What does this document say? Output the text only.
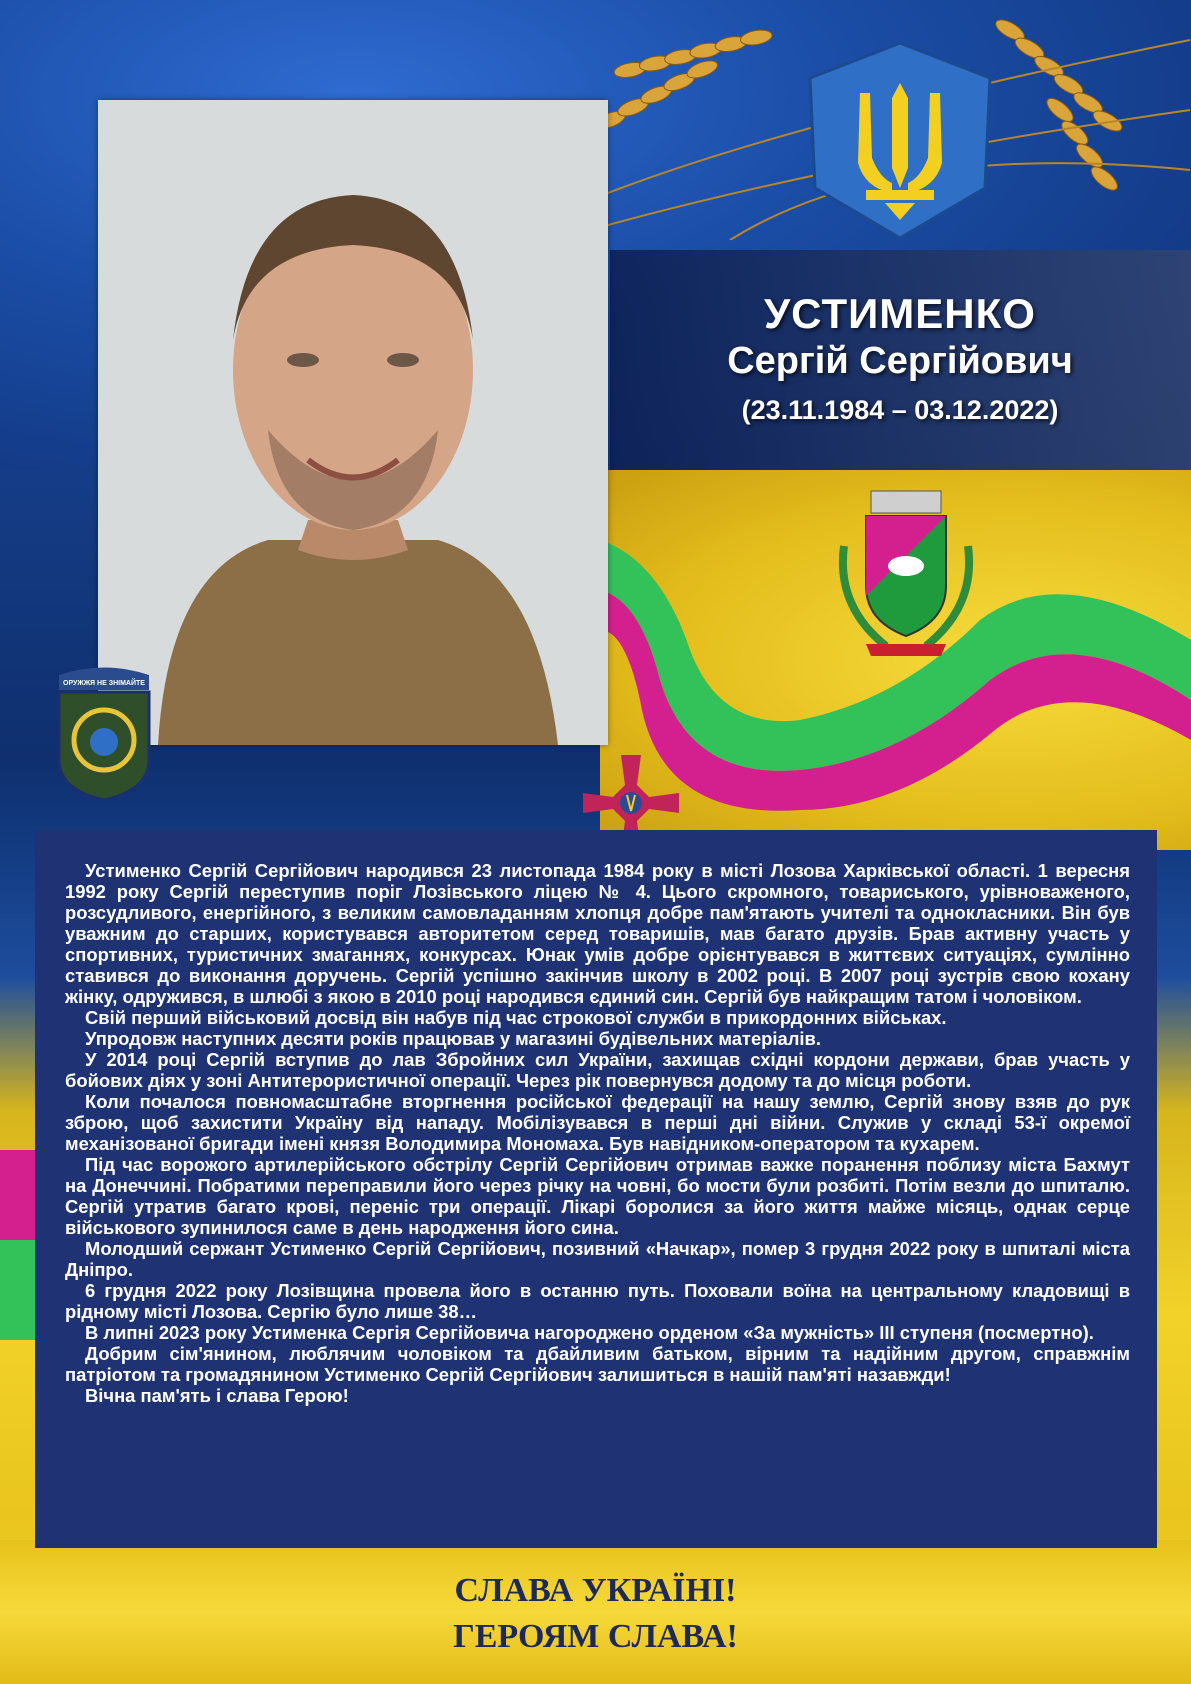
УСТИМЕНКО
Сергій Сергійович
(23.11.1984 – 03.12.2022)
ОРУЖЖЯ НЕ ЗНІМАЙТЕ

Устименко Сергій Сергійович народився 23 листопада 1984 року в місті Лозова Харківської області. 1 вересня 1992 року Сергій переступив поріг Лозівського ліцею № 4. Цього скромного, товариського, урівноваженого, розсудливого, енергійного, з великим самовладанням хлопця добре пам'ятають учителі та однокласники. Він був уважним до старших, користувався авторитетом серед товаришів, мав багато друзів. Брав активну участь у спортивних, туристичних змаганнях, конкурсах. Юнак умів добре орієнтувався в життєвих ситуаціях, сумлінно ставився до виконання доручень. Сергій успішно закінчив школу в 2002 році. В 2007 році зустрів свою кохану жінку, одружився, в шлюбі з якою в 2010 році народився єдиний син. Сергій був найкращим татом і чоловіком.

Свій перший військовий досвід він набув під час строкової служби в прикордонних військах.

Упродовж наступних десяти років працював у магазині будівельних матеріалів.

У 2014 році Сергій вступив до лав Збройних сил України, захищав східні кордони держави, брав участь у бойових діях у зоні Антитерористичної операції. Через рік повернувся додому та до місця роботи.

Коли почалося повномасштабне вторгнення російської федерації на нашу землю, Сергій знову взяв до рук зброю, щоб захистити Україну від нападу. Мобілізувався в перші дні війни. Служив у складі 53-ї окремої механізованої бригади імені князя Володимира Мономаха. Був навідником-оператором та кухарем.

Під час ворожого артилерійського обстрілу Сергій Сергійович отримав важке поранення поблизу міста Бахмут на Донеччині. Побратими переправили його через річку на човні, бо мости були розбиті. Потім везли до шпиталю. Сергій утратив багато крові, переніс три операції. Лікарі боролися за його життя майже місяць, однак серце військового зупинилося саме в день народження його сина.

Молодший сержант Устименко Сергій Сергійович, позивний «Начкар», помер 3 грудня 2022 року в шпиталі міста Дніпро.

6 грудня 2022 року Лозівщина провела його в останню путь. Поховали воїна на центральному кладовищі в рідному місті Лозова. Сергію було лише 38…

В липні 2023 року Устименка Сергія Сергійовича нагороджено орденом «За мужність» ІІІ ступеня (посмертно).

Добрим сім'янином, люблячим чоловіком та дбайливим батьком, вірним та надійним другом, справжнім патріотом та громадянином Устименко Сергій Сергійович залишиться в нашій пам'яті назавжди!

Вічна пам'ять і слава Герою!

СЛАВА УКРАЇНІ!
ГЕРОЯМ СЛАВА!
